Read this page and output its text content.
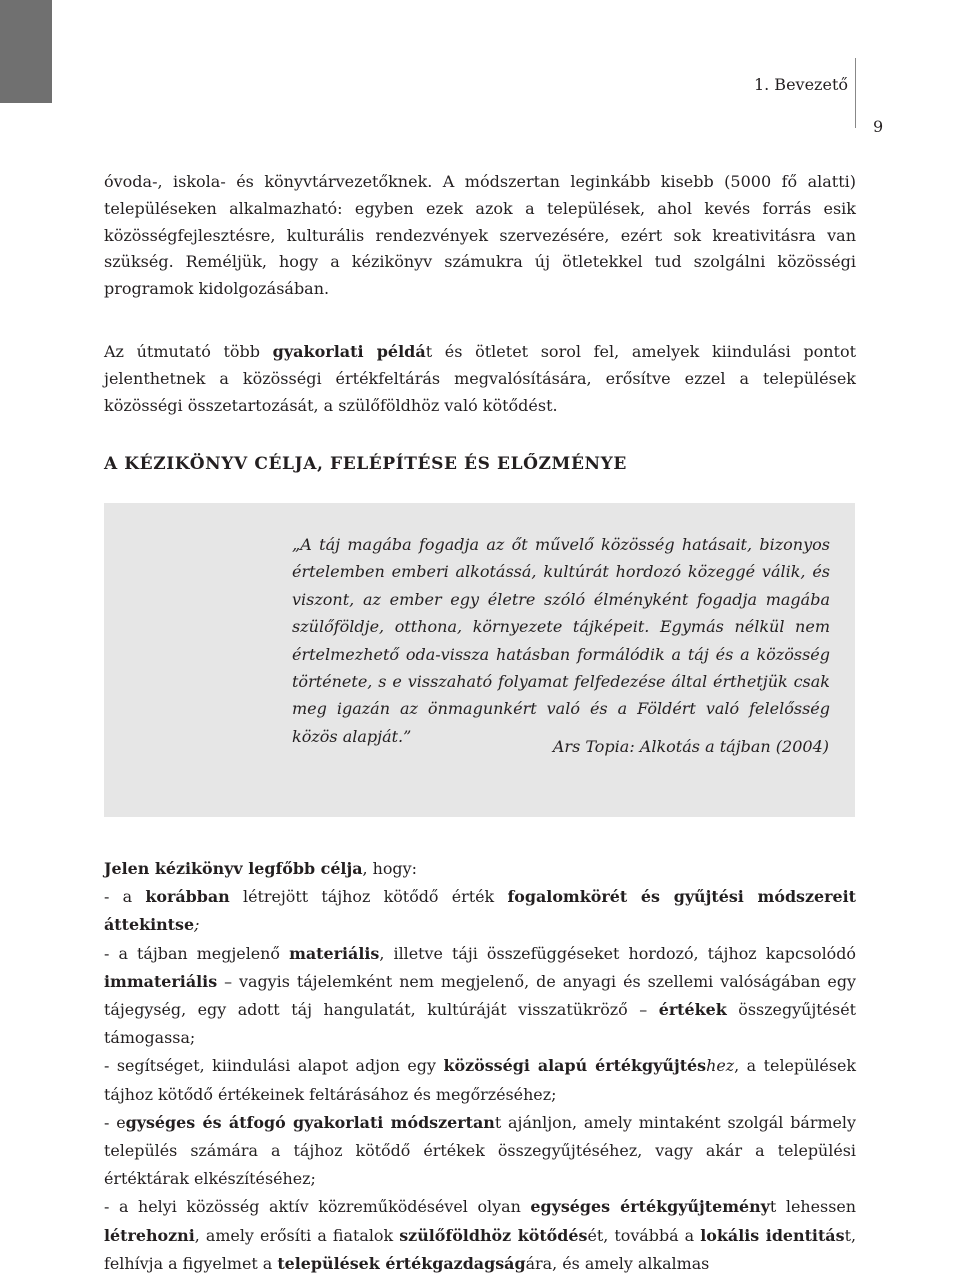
1. Bevezető
9

óvoda-, iskola- és könyvtárvezetőknek. A módszertan leginkább kisebb (5000 fő alatti) településeken alkalmazható: egyben ezek azok a települések, ahol kevés forrás esik közösségfejlesztésre, kulturális rendezvények szervezésére, ezért sok kreativitásra van szükség. Reméljük, hogy a kézikönyv számukra új ötletekkel tud szolgálni közösségi programok kidolgozásában.

Az útmutató több gyakorlati példát és ötletet sorol fel, amelyek kiindulási pontot jelenthetnek a közösségi értékfeltárás megvalósítására, erősítve ezzel a települések közösségi összetartozását, a szülőföldhöz való kötődést.

A KÉZIKÖNYV CÉLJA, FELÉPÍTÉSE ÉS ELŐZMÉNYE

„A táj magába fogadja az őt művelő közösség hatásait, bizonyos értelemben emberi alkotássá, kultúrát hordozó közeggé válik, és viszont, az ember egy életre szóló élményként fogadja magába szülőföldje, otthona, környezete tájképeit. Egymás nélkül nem értelmezhető oda-vissza hatásban formálódik a táj és a közösség története, s e visszaható folyamat felfedezése által érthetjük csak meg igazán az önmagunkért való és a Földért való felelősség közös alapját.”

Ars Topia: Alkotás a tájban (2004)

Jelen kézikönyv legfőbb célja, hogy:

- a korábban létrejött tájhoz kötődő érték fogalomkörét és gyűjtési módszereit áttekintse;

- a tájban megjelenő materiális, illetve táji összefüggéseket hordozó, tájhoz kapcsolódó immateriális – vagyis tájelemként nem megjelenő, de anyagi és szellemi valóságában egy tájegység, egy adott táj hangulatát, kultúráját visszatükröző – értékek összegyűjtését támogassa;

- segítséget, kiindulási alapot adjon egy közösségi alapú értékgyűjtéshez, a települések tájhoz kötődő értékeinek feltárásához és megőrzéséhez;

- egységes és átfogó gyakorlati módszertant ajánljon, amely mintaként szolgál bármely település számára a tájhoz kötődő értékek összegyűjtéséhez, vagy akár a települési értéktárak elkészítéséhez;

- a helyi közösség aktív közreműködésével olyan egységes értékgyűjteményt lehessen létrehozni, amely erősíti a fiatalok szülőföldhöz kötődését, továbbá a lokális identitást, felhívja a figyelmet a települések értékgazdagságára, és amely alkalmas
